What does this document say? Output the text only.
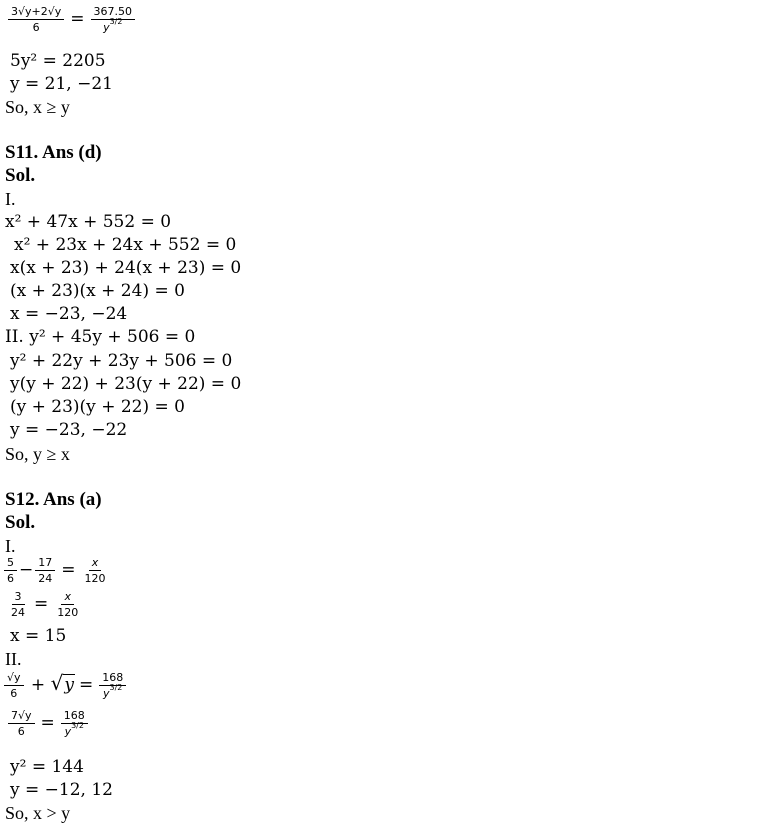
$\frac{3√y+2√y}{6} = \frac{367.50}{y^{3/2}}$
5y² = 2205
y = 21, −21
So, x ≥ y
S11. Ans (d)
Sol.
I.
x² + 47x + 552 = 0
x² + 23x + 24x + 552 = 0
x(x + 23) + 24(x + 23) = 0
(x + 23)(x + 24) = 0
x = −23, −24
II. y² + 45y + 506 = 0
y² + 22y + 23y + 506 = 0
y(y + 22) + 23(y + 22) = 0
(y + 23)(y + 22) = 0
y = −23, −22
So, y ≥ x
S12. Ans (a)
Sol.
I.
$\frac{5}{6} - \frac{17}{24} = \frac{x}{120}$
$\frac{3}{24} = \frac{x}{120}$
x = 15
II.
$\frac{√y}{6} + √y = \frac{168}{y^{3/2}}$
$\frac{7√y}{6} = \frac{168}{y^{3/2}}$
y² = 144
y = −12, 12
So, x > y
